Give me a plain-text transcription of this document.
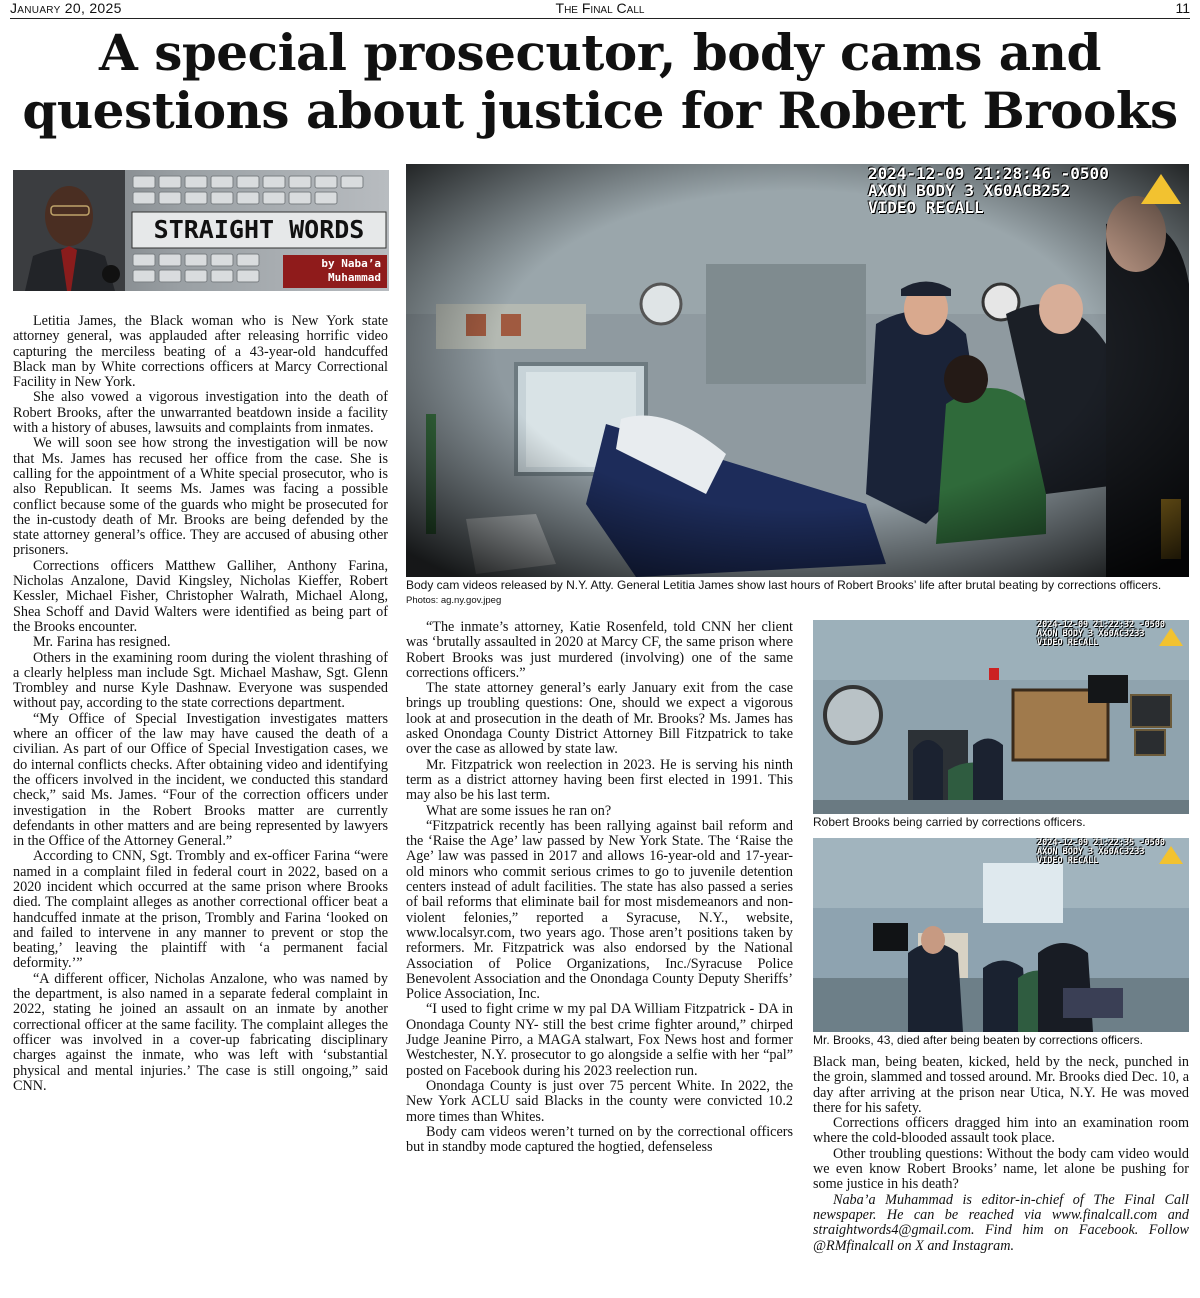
January 20, 2025	The Final Call	11
A special prosecutor, body cams and
questions about justice for Robert Brooks
STRAIGHT WORDS
by Naba’a
Muhammad
2024-12-09 21:28:46 -0500
AXON BODY 3 X60ACB252
VIDEO RECALL
Body cam videos released by N.Y. Atty. General Letitia James show last hours of Robert Brooks’ life after brutal beating by corrections officers. Photos: ag.ny.gov.jpeg
2024-12-09 21:22:32 -0500
AXON BODY 3 X60AC3233
VIDEO RECALL
Robert Brooks being carried by corrections officers.
2024-12-09 21:22:35 -0500
AXON BODY 3 X60AC3233
VIDEO RECALL
Mr. Brooks, 43, died after being beaten by corrections officers.

Letitia James, the Black woman who is New York state attorney general, was applauded after releasing horrific video capturing the merciless beating of a 43-year-old handcuffed Black man by White corrections officers at Marcy Correctional Facility in New York.

She also vowed a vigorous investigation into the death of Robert Brooks, after the unwarranted beatdown inside a facility with a history of abuses, lawsuits and complaints from inmates.

We will soon see how strong the investigation will be now that Ms. James has recused her office from the case. She is calling for the appointment of a White special prosecutor, who is also Republican. It seems Ms. James was facing a possible conflict because some of the guards who might be prosecuted for the in-custody death of Mr. Brooks are being defended by the state attorney general’s office. They are accused of abusing other prisoners.

Corrections officers Matthew Galliher, Anthony Farina, Nicholas Anzalone, David Kingsley, Nicholas Kieffer, Robert Kessler, Michael Fisher, Christopher Walrath, Michael Along, Shea Schoff and David Walters were identified as being part of the Brooks encounter.

Mr. Farina has resigned.

Others in the examining room during the violent thrashing of a clearly helpless man include Sgt. Michael Mashaw, Sgt. Glenn Trombley and nurse Kyle Dashnaw. Everyone was suspended without pay, according to the state corrections department.

“My Office of Special Investigation investigates matters where an officer of the law may have caused the death of a civilian. As part of our Office of Special Investigation cases, we do internal conflicts checks. After obtaining video and identifying the officers involved in the incident, we conducted this standard check,” said Ms. James. “Four of the correction officers under investigation in the Robert Brooks matter are currently defendants in other matters and are being represented by lawyers in the Office of the Attorney General.”

According to CNN, Sgt. Trombly and ex-officer Farina “were named in a complaint filed in federal court in 2022, based on a 2020 incident which occurred at the same prison where Brooks died. The complaint alleges as another correctional officer beat a handcuffed inmate at the prison, Trombly and Farina ‘looked on and failed to intervene in any manner to prevent or stop the beating,’ leaving the plaintiff with ‘a permanent facial deformity.’”

“A different officer, Nicholas Anzalone, who was named by the department, is also named in a separate federal complaint in 2022, stating he joined an assault on an inmate by another correctional officer at the same facility. The complaint alleges the officer was involved in a cover-up fabricating disciplinary charges against the inmate, who was left with ‘substantial physical and mental injuries.’ The case is still ongoing,” said CNN.

“The inmate’s attorney, Katie Rosenfeld, told CNN her client was ‘brutally assaulted in 2020 at Marcy CF, the same prison where Robert Brooks was just murdered (involving) one of the same corrections officers.”

The state attorney general’s early January exit from the case brings up troubling questions: One, should we expect a vigorous look at and prosecution in the death of Mr. Brooks? Ms. James has asked Onondaga County District Attorney Bill Fitzpatrick to take over the case as allowed by state law.

Mr. Fitzpatrick won reelection in 2023. He is serving his ninth term as a district attorney having been first elected in 1991. This may also be his last term.

What are some issues he ran on?

“Fitzpatrick recently has been rallying against bail reform and the ‘Raise the Age’ law passed by New York State. The ‘Raise the Age’ law was passed in 2017 and allows 16-year-old and 17-year-old minors who commit serious crimes to go to juvenile detention centers instead of adult facilities. The state has also passed a series of bail reforms that eliminate bail for most misdemeanors and non-violent felonies,” reported a Syracuse, N.Y., website, www.localsyr.com, two years ago. Those aren’t positions taken by reformers. Mr. Fitzpatrick was also endorsed by the National Association of Police Organizations, Inc./Syracuse Police Benevolent Association and the Onondaga County Deputy Sheriffs’ Police Association, Inc.

“I used to fight crime w my pal DA William Fitzpatrick - DA in Onondaga County NY- still the best crime fighter around,” chirped Judge Jeanine Pirro, a MAGA stalwart, Fox News host and former Westchester, N.Y. prosecutor to go alongside a selfie with her “pal” posted on Facebook during his 2023 reelection run.

Onondaga County is just over 75 percent White. In 2022, the New York ACLU said Blacks in the county were convicted 10.2 more times than Whites.

Body cam videos weren’t turned on by the correctional officers but in standby mode captured the hogtied, defenseless

Black man, being beaten, kicked, held by the neck, punched in the groin, slammed and tossed around. Mr. Brooks died Dec. 10, a day after arriving at the prison near Utica, N.Y. He was moved there for his safety.

Corrections officers dragged him into an examination room where the cold-blooded assault took place.

Other troubling questions: Without the body cam video would we even know Robert Brooks’ name, let alone be pushing for some justice in his death?

Naba’a Muhammad is editor-in-chief of The Final Call newspaper. He can be reached via www.finalcall.com and straightwords4@gmail.com. Find him on Facebook. Follow @RMfinalcall on X and Instagram.
